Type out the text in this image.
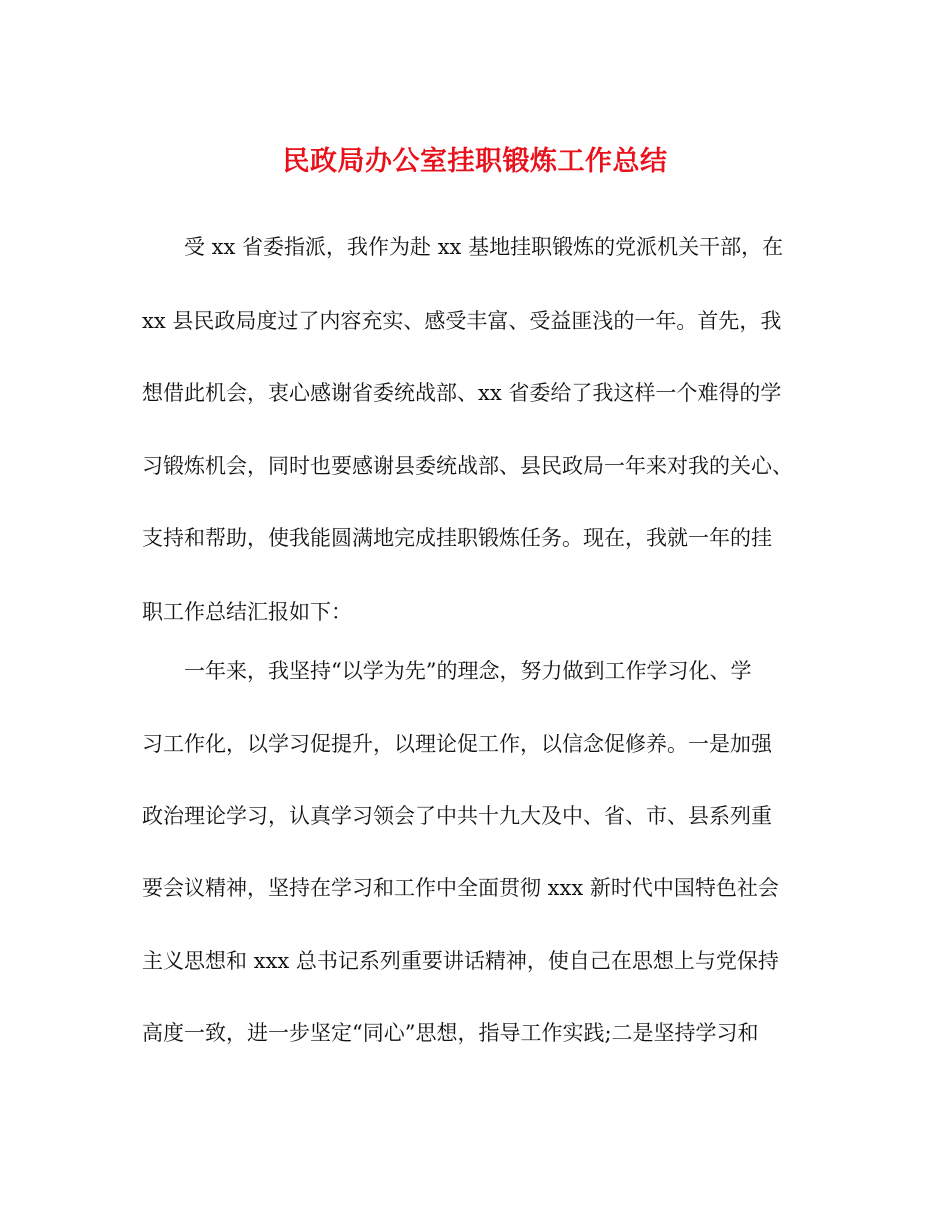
民政局办公室挂职锻炼工作总结
受 xx 省委指派，我作为赴 xx 基地挂职锻炼的党派机关干部，在
xx 县民政局度过了内容充实、感受丰富、受益匪浅的一年。首先，我
想借此机会，衷心感谢省委统战部、xx 省委给了我这样一个难得的学
习锻炼机会，同时也要感谢县委统战部、县民政局一年来对我的关心、
支持和帮助，使我能圆满地完成挂职锻炼任务。现在，我就一年的挂
职工作总结汇报如下：
一年来，我坚持“以学为先”的理念，努力做到工作学习化、学
习工作化，以学习促提升，以理论促工作，以信念促修养。一是加强
政治理论学习，认真学习领会了中共十九大及中、省、市、县系列重
要会议精神，坚持在学习和工作中全面贯彻 xxx 新时代中国特色社会
主义思想和 xxx 总书记系列重要讲话精神，使自己在思想上与党保持
高度一致，进一步坚定“同心”思想，指导工作实践;二是坚持学习和
